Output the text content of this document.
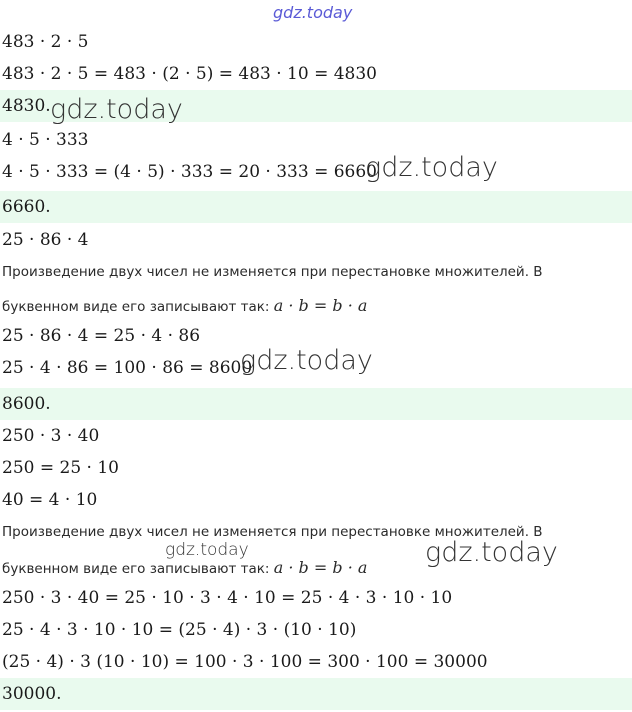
gdz.today
483 · 2 · 5
483 · 2 · 5 = 483 · (2 · 5) = 483 · 10 = 4830
4830. gdz.today
4 · 5 · 333
4 · 5 · 333 = (4 · 5) · 333 = 20 · 333 = 6660
gdz.today
6660.
25 · 86 · 4
Произведение двух чисел не изменяется при перестановке множителей. В
буквенном виде его записывают так: a · b = b · a
25 · 86 · 4 = 25 · 4 · 86
25 · 4 · 86 = 100 · 86 = 8600
gdz.today
8600.
250 · 3 · 40
250 = 25 · 10
40 = 4 · 10
Произведение двух чисел не изменяется при перестановке множителей. В
gdz.today
буквенном виде его записывают так: a · b = b · a	gdz.today
250 · 3 · 40 = 25 · 10 · 3 · 4 · 10 = 25 · 4 · 3 · 10 · 10
25 · 4 · 3 · 10 · 10 = (25 · 4) · 3 · (10 · 10)
(25 · 4) · 3 (10 · 10) = 100 · 3 · 100 = 300 · 100 = 30000
30000.
